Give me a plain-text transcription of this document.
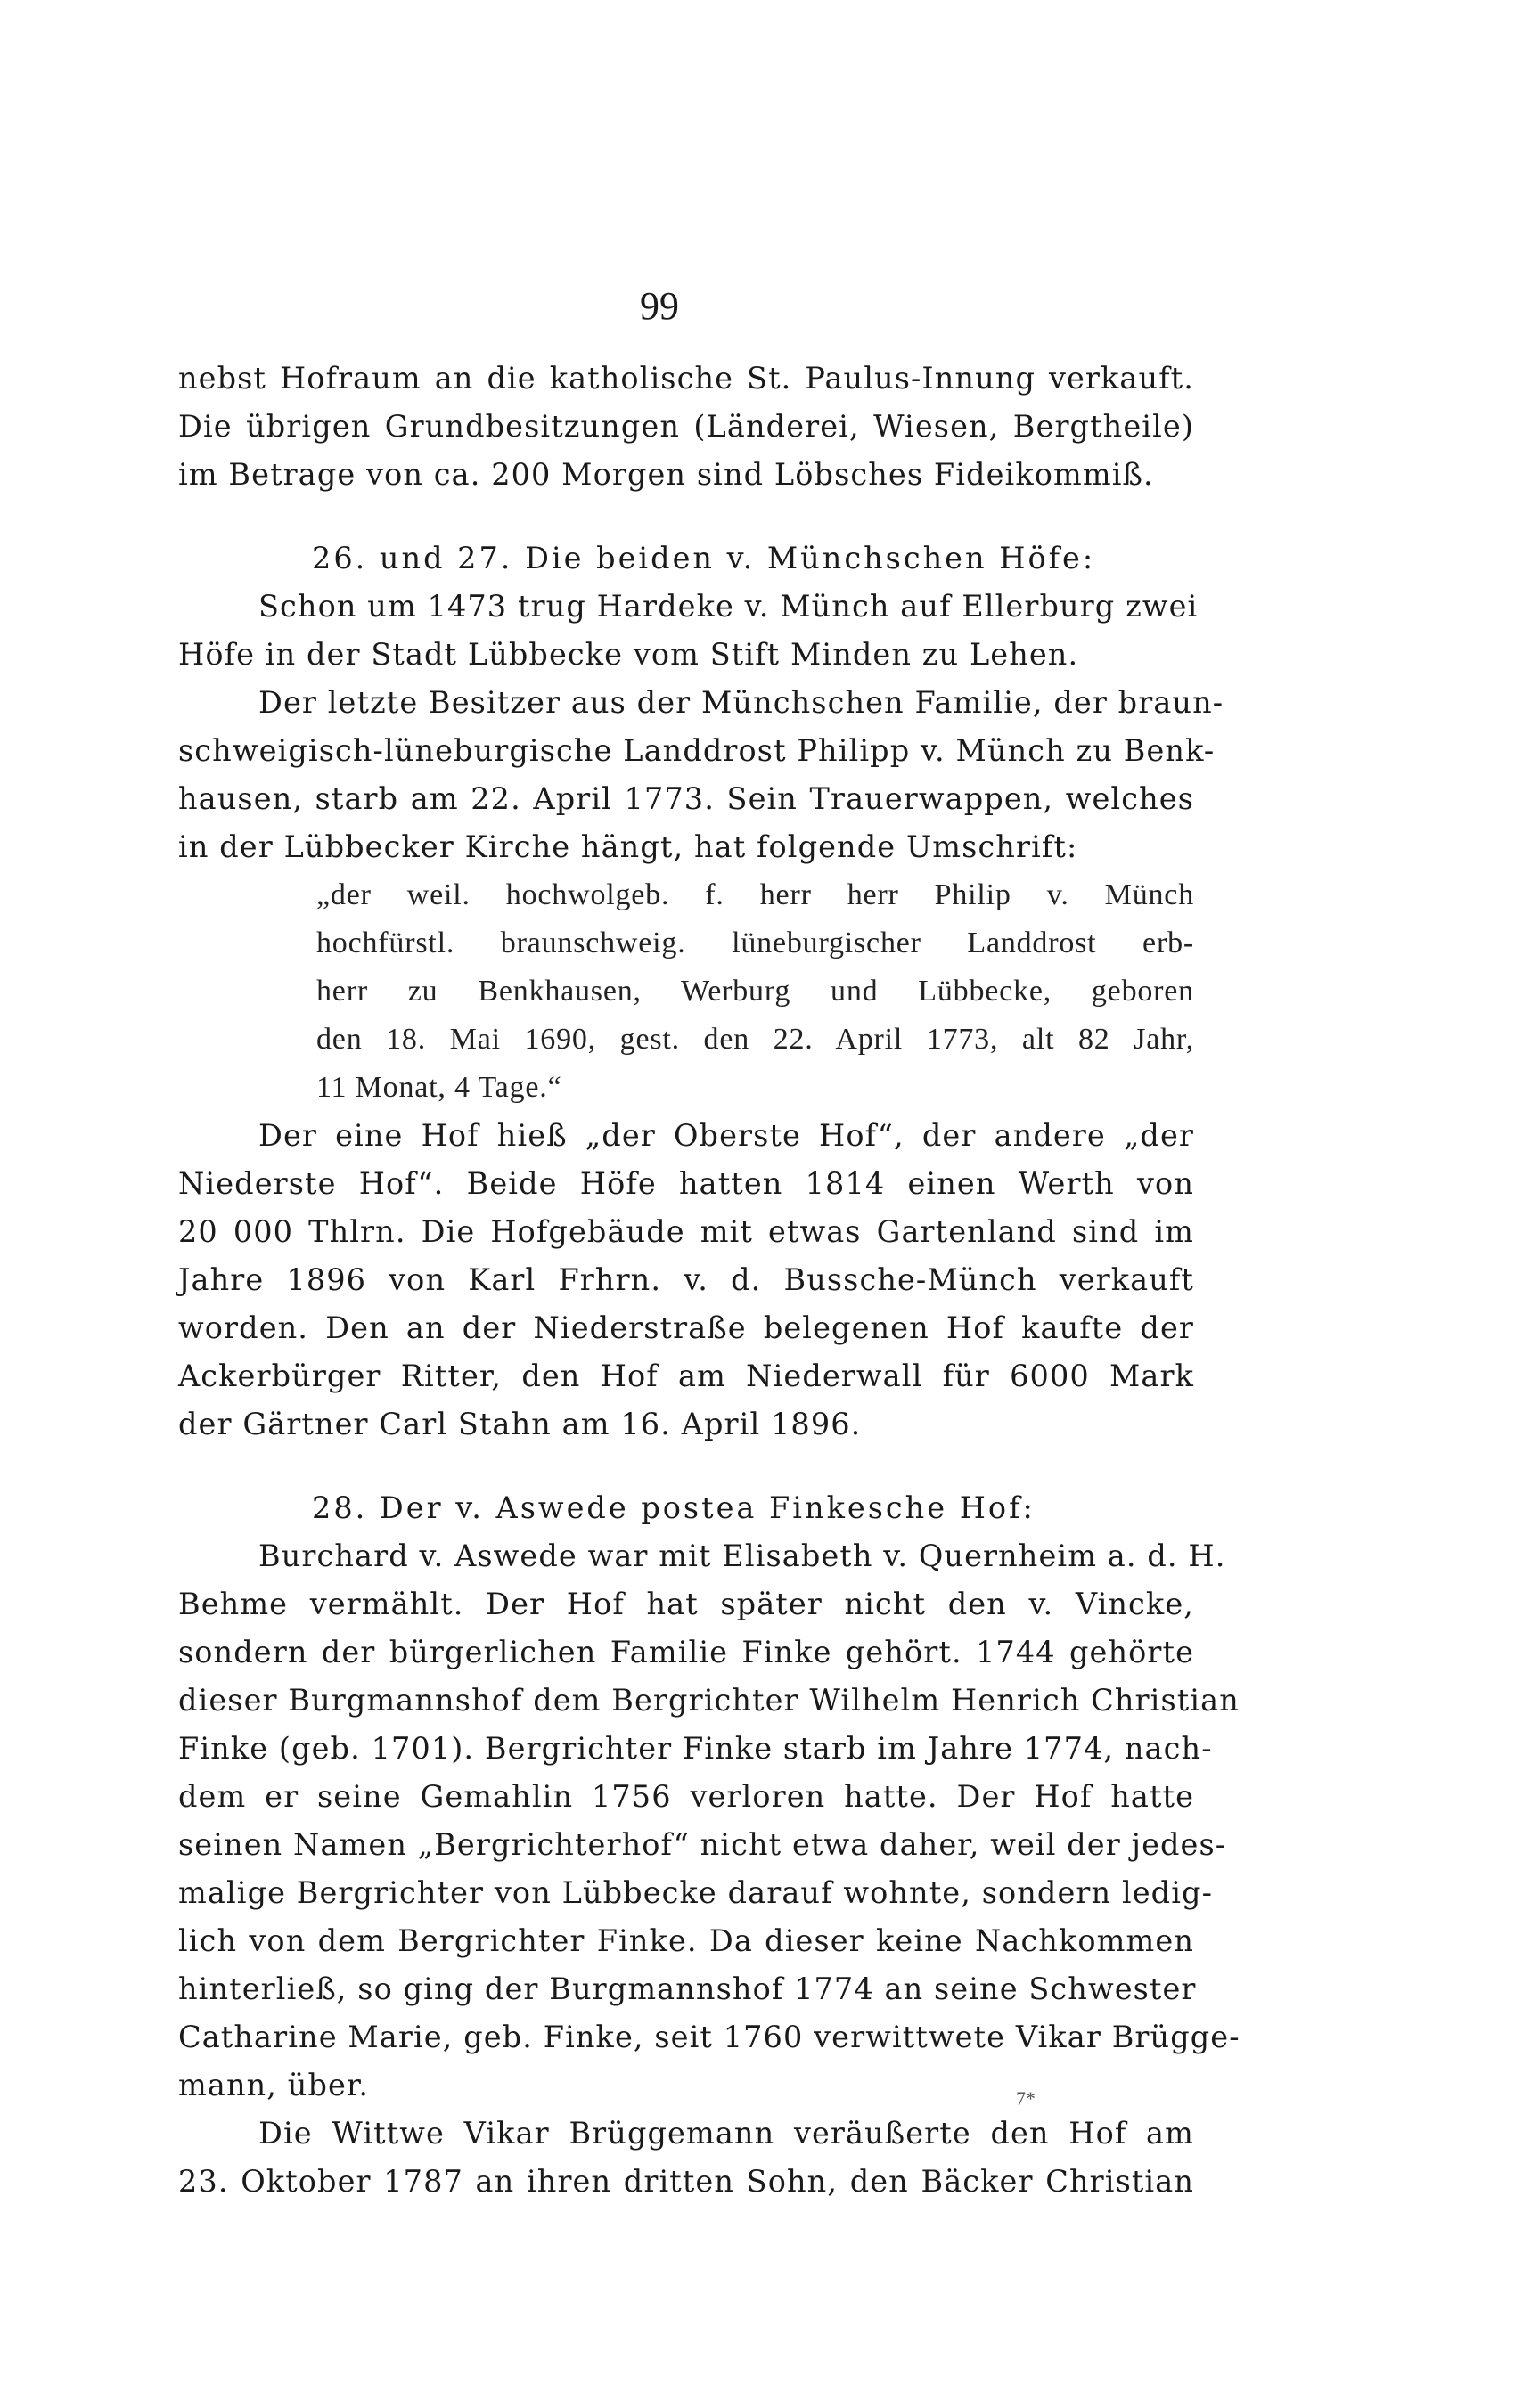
99
nebst Hofraum an die katholische St. Paulus-Innung verkauft.
Die übrigen Grundbesitzungen (Länderei, Wiesen, Bergtheile)
im Betrage von ca. 200 Morgen sind Löbsches Fideikommiß.
26. und 27. Die beiden v. Münchschen Höfe:
Schon um 1473 trug Hardeke v. Münch auf Ellerburg zwei
Höfe in der Stadt Lübbecke vom Stift Minden zu Lehen.
Der letzte Besitzer aus der Münchschen Familie, der braun-
schweigisch-lüneburgische Landdrost Philipp v. Münch zu Benk-
hausen, starb am 22. April 1773. Sein Trauerwappen, welches
in der Lübbecker Kirche hängt, hat folgende Umschrift:
„der weil. hochwolgeb. f. herr herr Philip v. Münch
hochfürstl. braunschweig. lüneburgischer Landdrost erb-
herr zu Benkhausen, Werburg und Lübbecke, geboren
den 18. Mai 1690, gest. den 22. April 1773, alt 82 Jahr,
11 Monat, 4 Tage.“
Der eine Hof hieß „der Oberste Hof“, der andere „der
Niederste Hof“. Beide Höfe hatten 1814 einen Werth von
20 000 Thlrn. Die Hofgebäude mit etwas Gartenland sind im
Jahre 1896 von Karl Frhrn. v. d. Bussche-Münch verkauft
worden. Den an der Niederstraße belegenen Hof kaufte der
Ackerbürger Ritter, den Hof am Niederwall für 6000 Mark
der Gärtner Carl Stahn am 16. April 1896.
28. Der v. Aswede postea Finkesche Hof:
Burchard v. Aswede war mit Elisabeth v. Quernheim a. d. H.
Behme vermählt. Der Hof hat später nicht den v. Vincke,
sondern der bürgerlichen Familie Finke gehört. 1744 gehörte
dieser Burgmannshof dem Bergrichter Wilhelm Henrich Christian
Finke (geb. 1701). Bergrichter Finke starb im Jahre 1774, nach-
dem er seine Gemahlin 1756 verloren hatte. Der Hof hatte
seinen Namen „Bergrichterhof“ nicht etwa daher, weil der jedes-
malige Bergrichter von Lübbecke darauf wohnte, sondern ledig-
lich von dem Bergrichter Finke. Da dieser keine Nachkommen
hinterließ, so ging der Burgmannshof 1774 an seine Schwester
Catharine Marie, geb. Finke, seit 1760 verwittwete Vikar Brügge-
mann, über.
Die Wittwe Vikar Brüggemann veräußerte den Hof am
23. Oktober 1787 an ihren dritten Sohn, den Bäcker Christian
7*
